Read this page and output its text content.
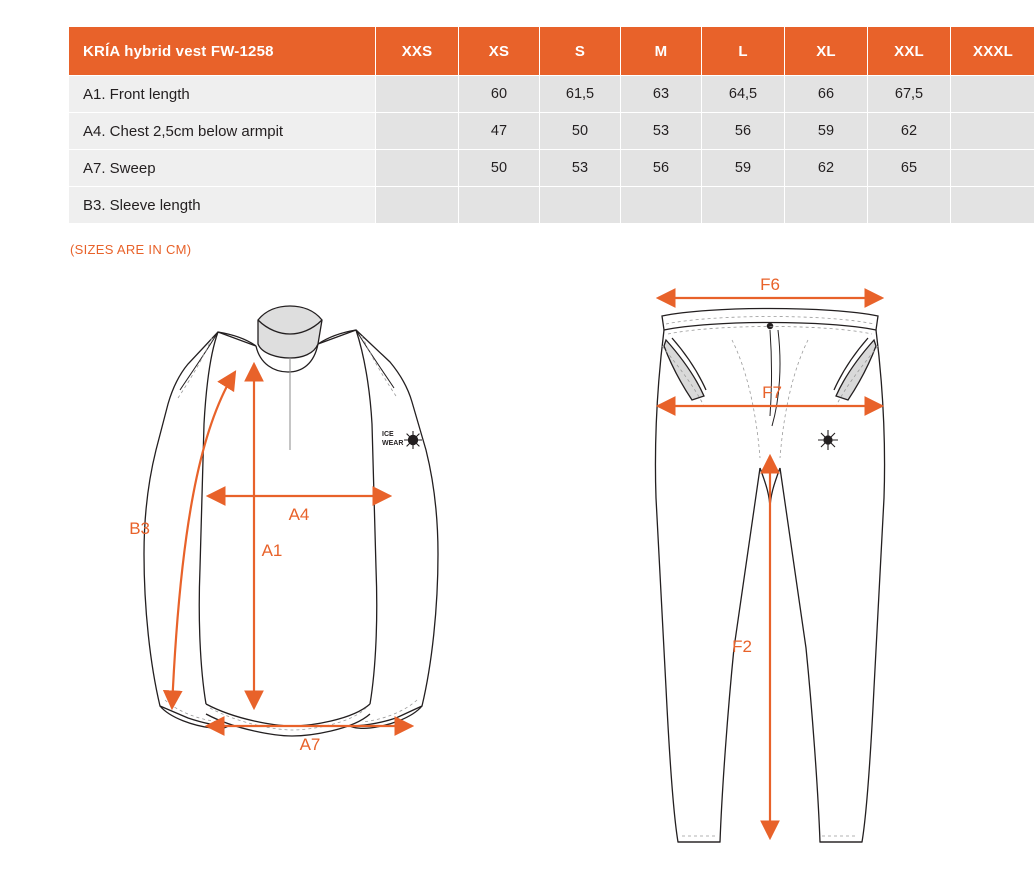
KRÍA hybrid vest FW-1258	XXS	XS	S	M	L	XL	XXL	XXXL
A1. Front length		60	61,5	63	64,5	66	67,5	
A4. Chest 2,5cm below armpit		47	50	53	56	59	62	
A7. Sweep		50	53	56	59	62	65	
B3. Sleeve length								
(SIZES ARE IN CM)
ICE
WEAR
B3
A4
A1
A7
F6
F7
F2
